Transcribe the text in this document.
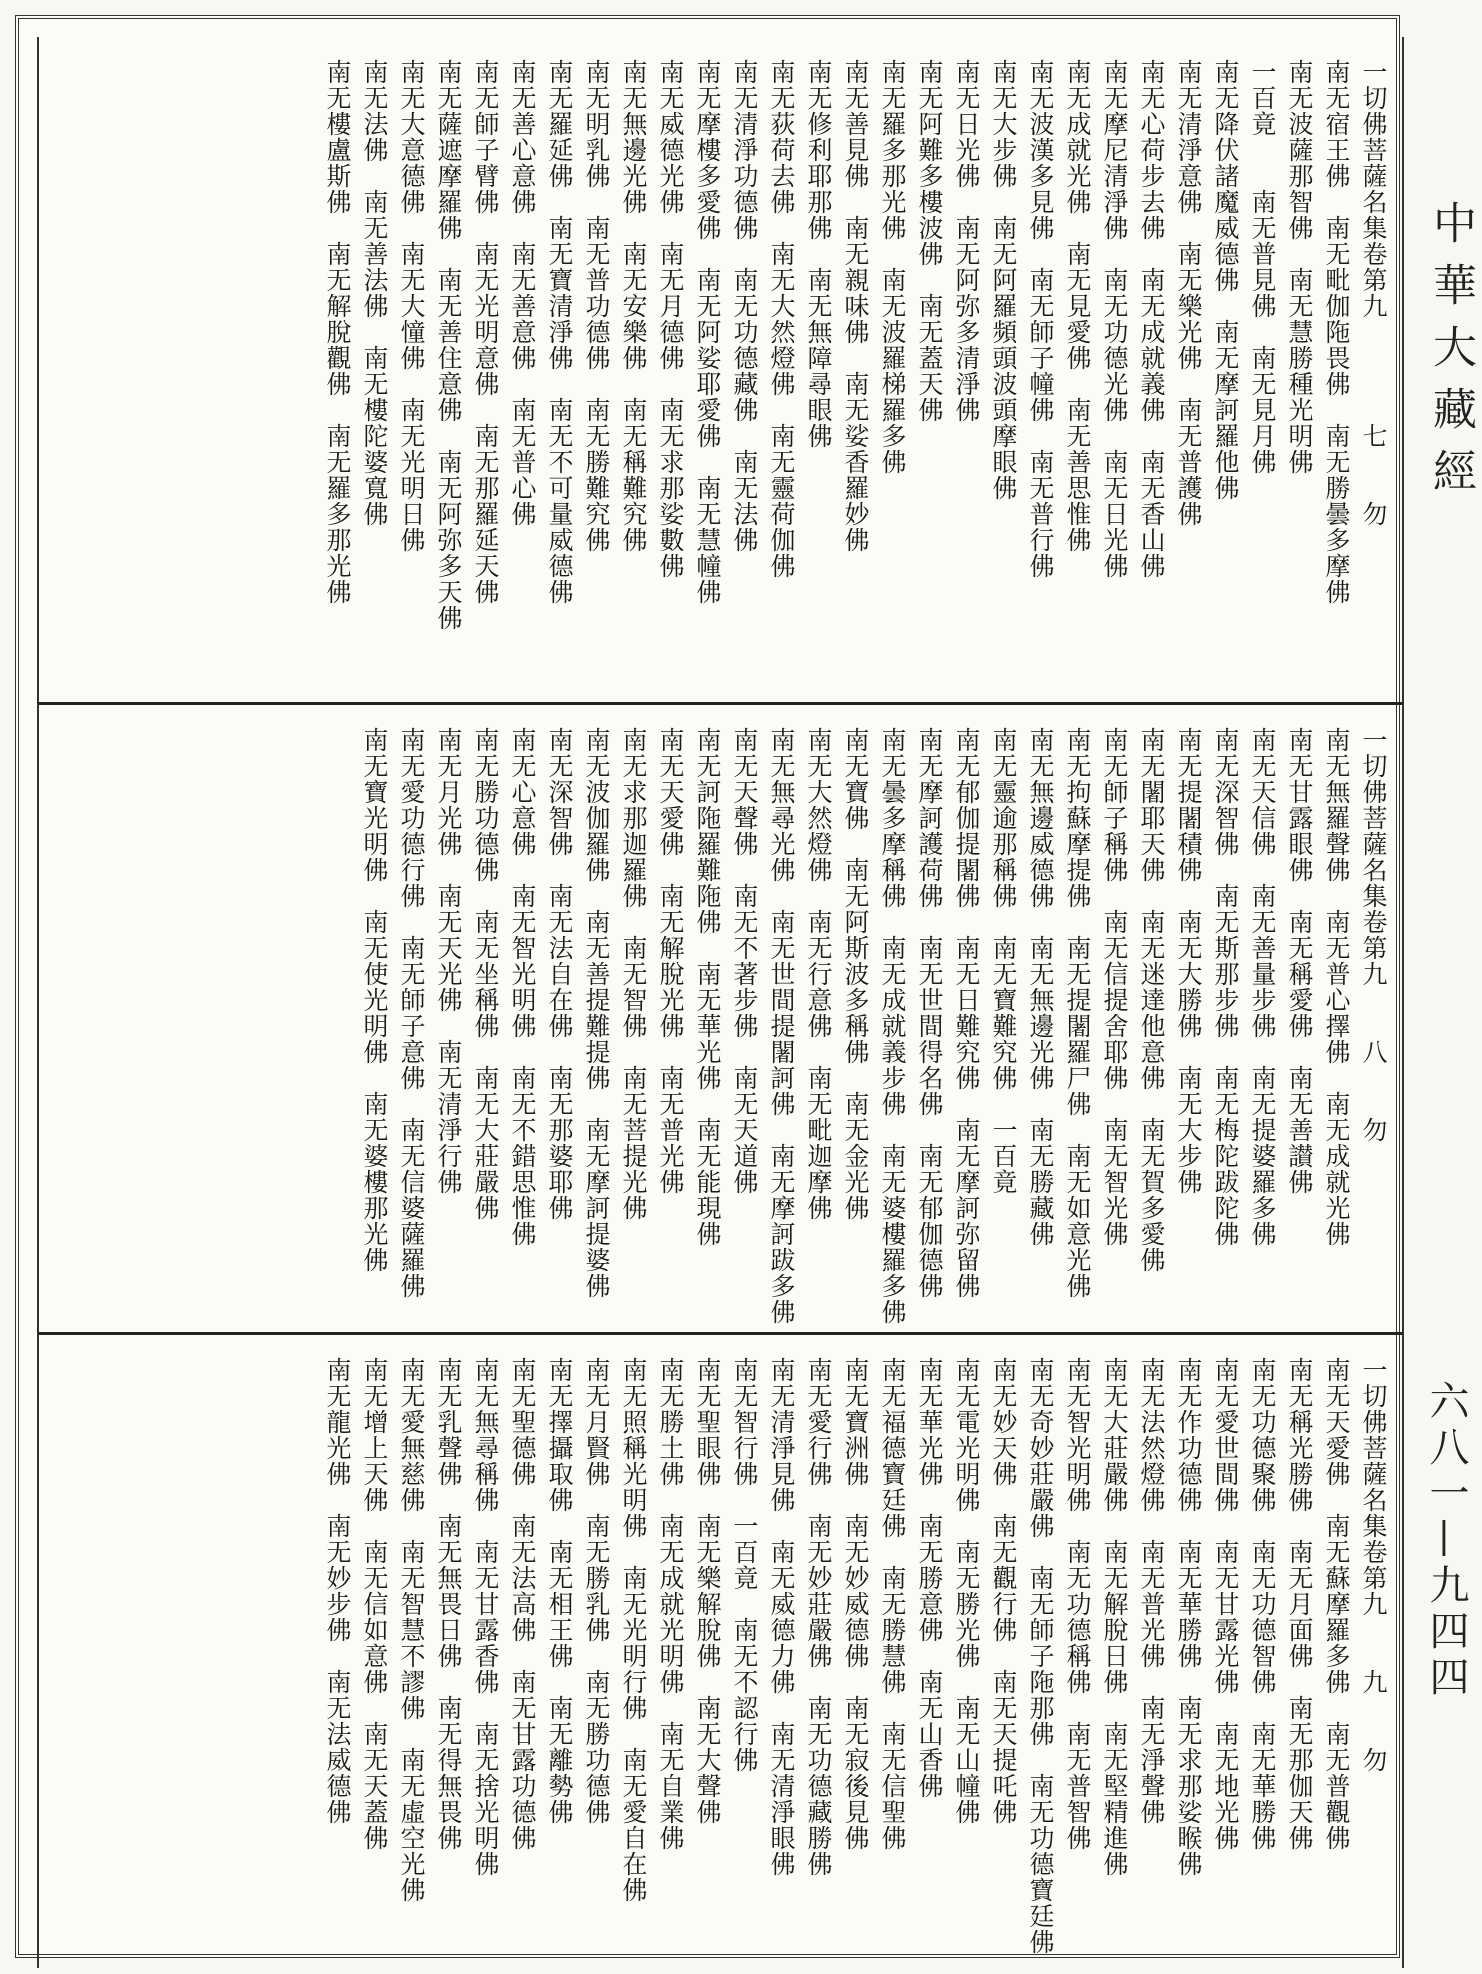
一切佛菩薩名集卷第九　　　　七　　勿
南无宿王佛　南无毗伽陁畏佛　南无勝曇多摩佛
南无波薩那智佛　南无慧勝種光明佛
一百竟　　南无普見佛　南无見月佛
南无降伏諸魔威德佛　南无摩訶羅他佛
南无清淨意佛　南无樂光佛　南无普護佛
南无心荷步去佛　南无成就義佛　南无香山佛
南无摩尼清淨佛　南无功德光佛　南无日光佛
南无成就光佛　南无見愛佛　南无善思惟佛
南无波漢多見佛　南无師子幢佛　南无普行佛
南无大步佛　南无阿羅頻頭波頭摩眼佛
南无日光佛　南无阿弥多清淨佛
南无阿難多樓波佛　南无蓋天佛
南无羅多那光佛　南无波羅梯羅多佛
南无善見佛　南无親味佛　南无娑香羅妙佛
南无修利耶那佛　南无無障尋眼佛
南无荻荷去佛　南无大然燈佛　南无靈荷伽佛
南无清淨功德佛　南无功德藏佛　南无法佛
南无摩樓多愛佛　南无阿娑耶愛佛　南无慧幢佛
南无威德光佛　南无月德佛　南无求那娑數佛
南无無邊光佛　南无安樂佛　南无稱難究佛
南无明乳佛　南无普功德佛　南无勝難究佛
南无羅延佛　南无寶清淨佛　南无不可量威德佛
南无善心意佛　南无善意佛　南无普心佛
南无師子臂佛　南无光明意佛　南无那羅延天佛
南无薩遮摩羅佛　南无善住意佛　南无阿弥多天佛
南无大意德佛　南无大憧佛　南无光明日佛
南无法佛　南无善法佛　南无樓陀婆寬佛
南无樓盧斯佛　南无解脫觀佛　南无羅多那光佛
一切佛菩薩名集卷第九　　八　　勿
南无無羅聲佛　南无普心擇佛　南无成就光佛
南无甘露眼佛　南无稱愛佛　南无善讃佛
南无天信佛　南无善量步佛　南无提婆羅多佛
南无深智佛　南无斯那步佛　南无梅陀跋陀佛
南无提闍積佛　南无大勝佛　南无大步佛
南无闍耶天佛　南无迷達他意佛　南无賀多愛佛
南无師子稱佛　南无信提舍耶佛　南无智光佛
南无拘蘇摩提佛　南无提闍羅尸佛　南无如意光佛
南无無邊威德佛　南无無邊光佛　南无勝藏佛
南无靈逾那稱佛　南无寶難究佛　一百竟
南无郁伽提闍佛　南无日難究佛　南无摩訶弥留佛
南无摩訶護荷佛　南无世間得名佛　南无郁伽德佛
南无曇多摩稱佛　南无成就義步佛　南无婆樓羅多佛
南无寶佛　南无阿斯波多稱佛　南无金光佛
南无大然燈佛　南无行意佛　南无毗迦摩佛
南无無尋光佛　南无世間提闍訶佛　南无摩訶跋多佛
南无天聲佛　南无不著步佛　南无天道佛
南无訶陁羅難陁佛　南无華光佛　南无能現佛
南无天愛佛　南无解脫光佛　南无普光佛
南无求那迦羅佛　南无智佛　南无菩提光佛
南无波伽羅佛　南无善提難提佛　南无摩訶提婆佛
南无深智佛　南无法自在佛　南无那婆耶佛
南无心意佛　南无智光明佛　南无不錯思惟佛
南无勝功德佛　南无坐稱佛　南无大莊嚴佛
南无月光佛　南无天光佛　南无清淨行佛
南无愛功德行佛　南无師子意佛　南无信婆薩羅佛
南无寶光明佛　南无使光明佛　南无婆樓那光佛
一切佛菩薩名集卷第九　　九　　勿
南无天愛佛　南无蘇摩羅多佛　南无普觀佛
南无稱光勝佛　南无月面佛　南无那伽天佛
南无功德聚佛　南无功德智佛　南无華勝佛
南无愛世間佛　南无甘露光佛　南无地光佛
南无作功德佛　南无華勝佛　南无求那娑睺佛
南无法然燈佛　南无普光佛　南无淨聲佛
南无大莊嚴佛　南无解脫日佛　南无堅精進佛
南无智光明佛　南无功德稱佛　南无普智佛
南无奇妙莊嚴佛　南无師子陁那佛　南无功德寶廷佛
南无妙天佛　南无觀行佛　南无天提吒佛
南无電光明佛　南无勝光佛　南无山幢佛
南无華光佛　南无勝意佛　南无山香佛
南无福德寶廷佛　南无勝慧佛　南无信聖佛
南无寶洲佛　南无妙威德佛　南无寂後見佛
南无愛行佛　南无妙莊嚴佛　南无功德藏勝佛
南无清淨見佛　南无威德力佛　南无清淨眼佛
南无智行佛　一百竟　南无不認行佛
南无聖眼佛　南无樂解脫佛　南无大聲佛
南无勝土佛　南无成就光明佛　南无自業佛
南无照稱光明佛　南无光明行佛　南无愛自在佛
南无月賢佛　南无勝乳佛　南无勝功德佛
南无擇攝取佛　南无相王佛　南无離勢佛
南无聖德佛　南无法高佛　南无甘露功德佛
南无無尋稱佛　南无甘露香佛　南无捨光明佛
南无乳聲佛　南无無畏日佛　南无得無畏佛
南无愛無慈佛　南无智慧不謬佛　南无虛空光佛
南无增上天佛　南无信如意佛　南无天蓋佛
南无龍光佛　南无妙步佛　南无法威德佛
中華大藏經
六八一—九四四
